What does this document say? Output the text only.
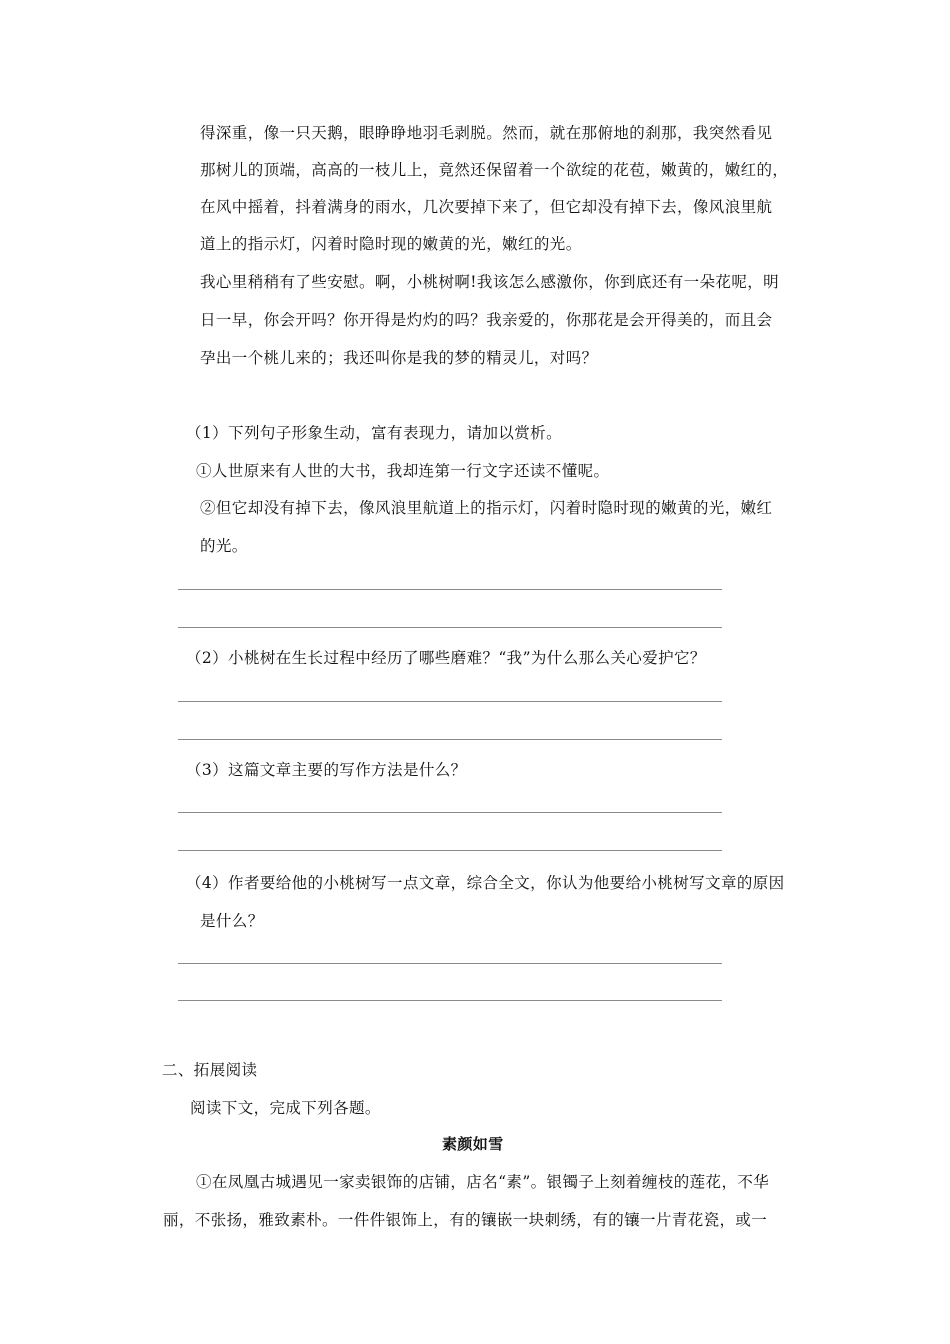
得深重，像一只天鹅，眼睁睁地羽毛剥脱。然而，就在那俯地的刹那，我突然看见
那树儿的顶端，高高的一枝儿上，竟然还保留着一个欲绽的花苞，嫩黄的，嫩红的，
在风中摇着，抖着满身的雨水，几次要掉下来了，但它却没有掉下去，像风浪里航
道上的指示灯，闪着时隐时现的嫩黄的光，嫩红的光。
我心里稍稍有了些安慰。啊，小桃树啊!我该怎么感激你，你到底还有一朵花呢，明
日一早，你会开吗？你开得是灼灼的吗？我亲爱的，你那花是会开得美的，而且会
孕出一个桃儿来的；我还叫你是我的梦的精灵儿，对吗？
（1）下列句子形象生动，富有表现力，请加以赏析。
①人世原来有人世的大书，我却连第一行文字还读不懂呢。
②但它却没有掉下去，像风浪里航道上的指示灯，闪着时隐时现的嫩黄的光，嫩红
的光。
（2）小桃树在生长过程中经历了哪些磨难？“我”为什么那么关心爱护它？
（3）这篇文章主要的写作方法是什么？
（4）作者要给他的小桃树写一点文章，综合全文，你认为他要给小桃树写文章的原因
是什么？
二、拓展阅读
阅读下文，完成下列各题。
素颜如雪
①在凤凰古城遇见一家卖银饰的店铺，店名“素”。银镯子上刻着缠枝的莲花，不华
丽，不张扬，雅致素朴。一件件银饰上，有的镶嵌一块刺绣，有的镶一片青花瓷，或一
